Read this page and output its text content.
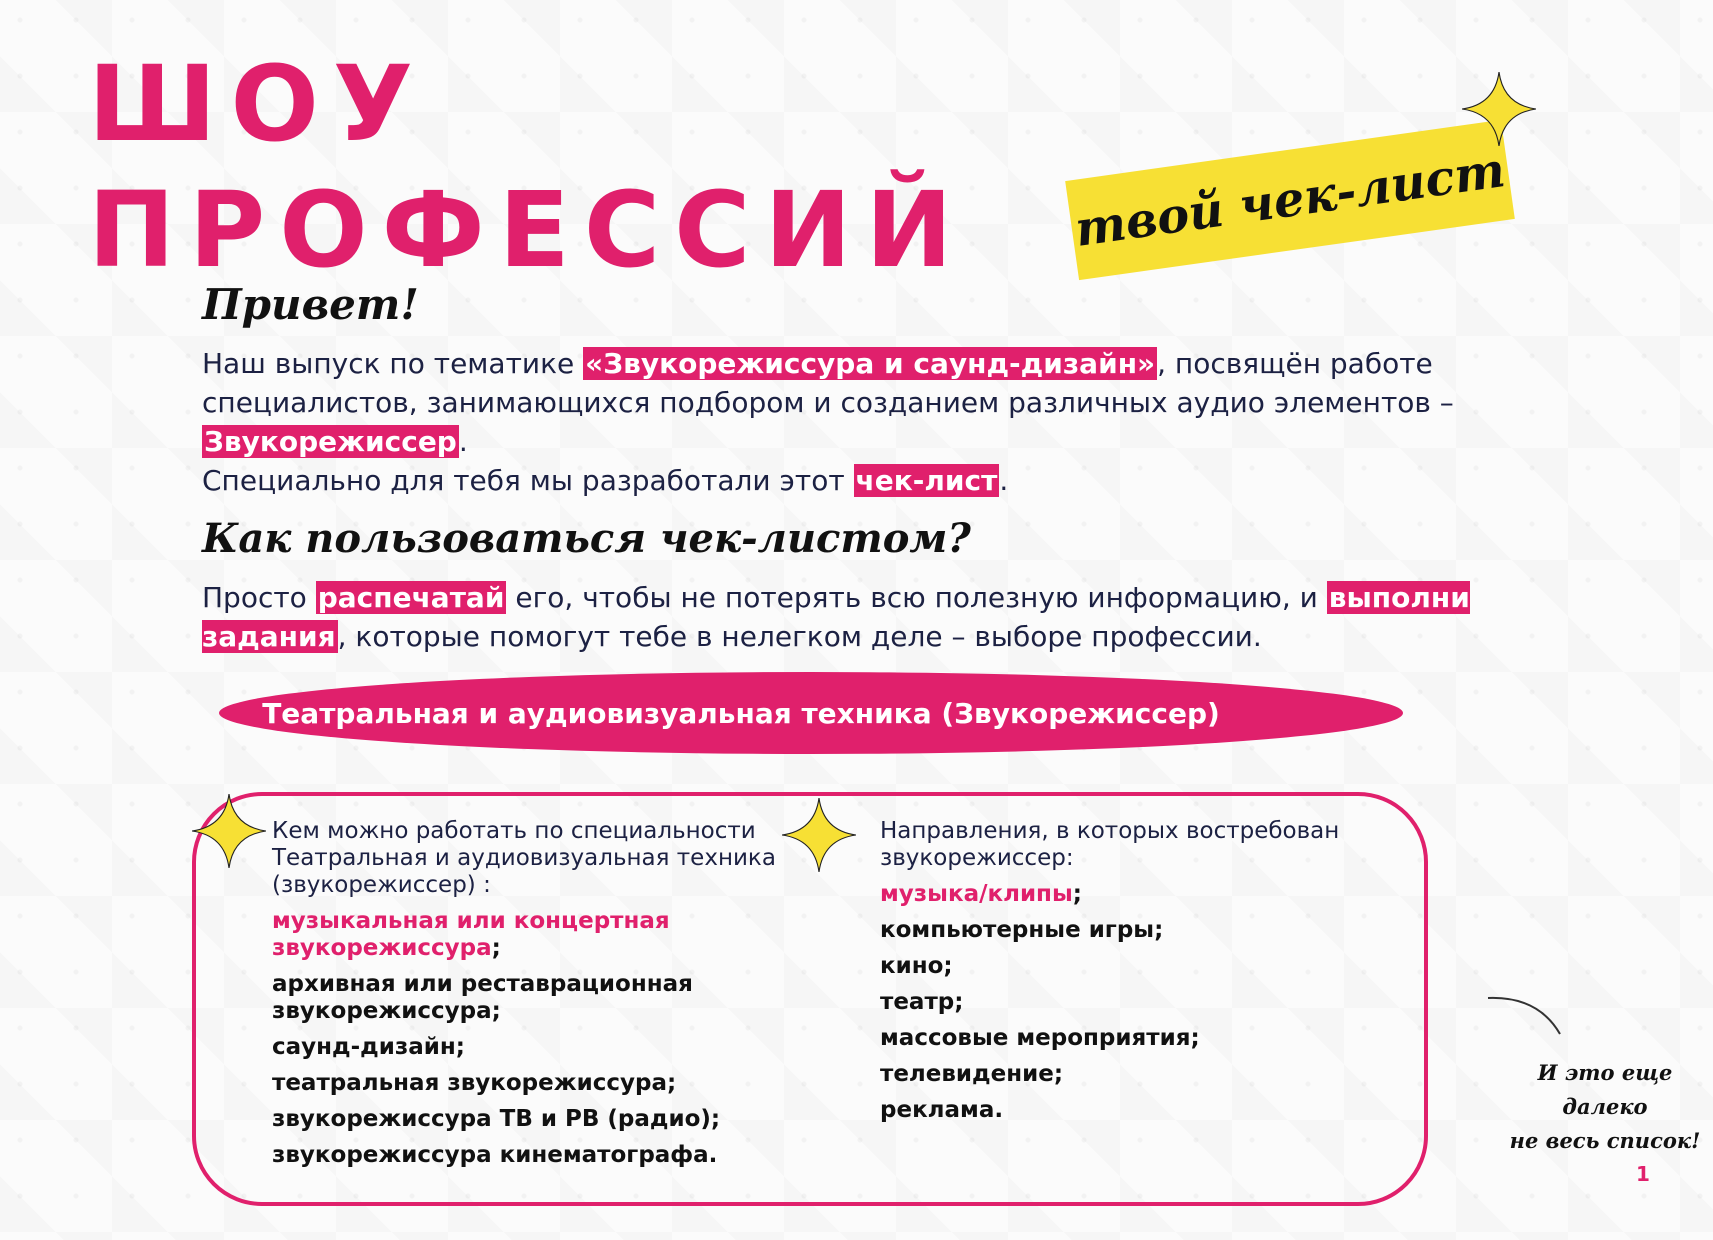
ШОУ
ПРОФЕССИЙ твой чек-лист
Привет!
Наш выпуск по тематике «Звукорежиссура и саунд-дизайн», посвящён работе специалистов, занимающихся подбором и созданием различных аудио элементов – Звукорежиссер.
Специально для тебя мы разработали этот чек-лист.
Как пользоваться чек-листом?
Просто распечатай его, чтобы не потерять всю полезную информацию, и выполни задания, которые помогут тебе в нелегком деле – выборе профессии.
Театральная и аудиовизуальная техника (Звукорежиссер)
Кем можно работать по специальности Театральная и аудиовизуальная техника (звукорежиссер) :
музыкальная или концертная звукорежиссура;
архивная или реставрационная звукорежиссура;
саунд-дизайн;
театральная звукорежиссура;
звукорежиссура ТВ и РВ (радио);
звукорежиссура кинематографа.
Направления, в которых востребован звукорежиссер:
музыка/клипы;
компьютерные игры;
кино;
театр;
массовые мероприятия;
телевидение;
реклама.
И это еще далеко
не весь список!
1
